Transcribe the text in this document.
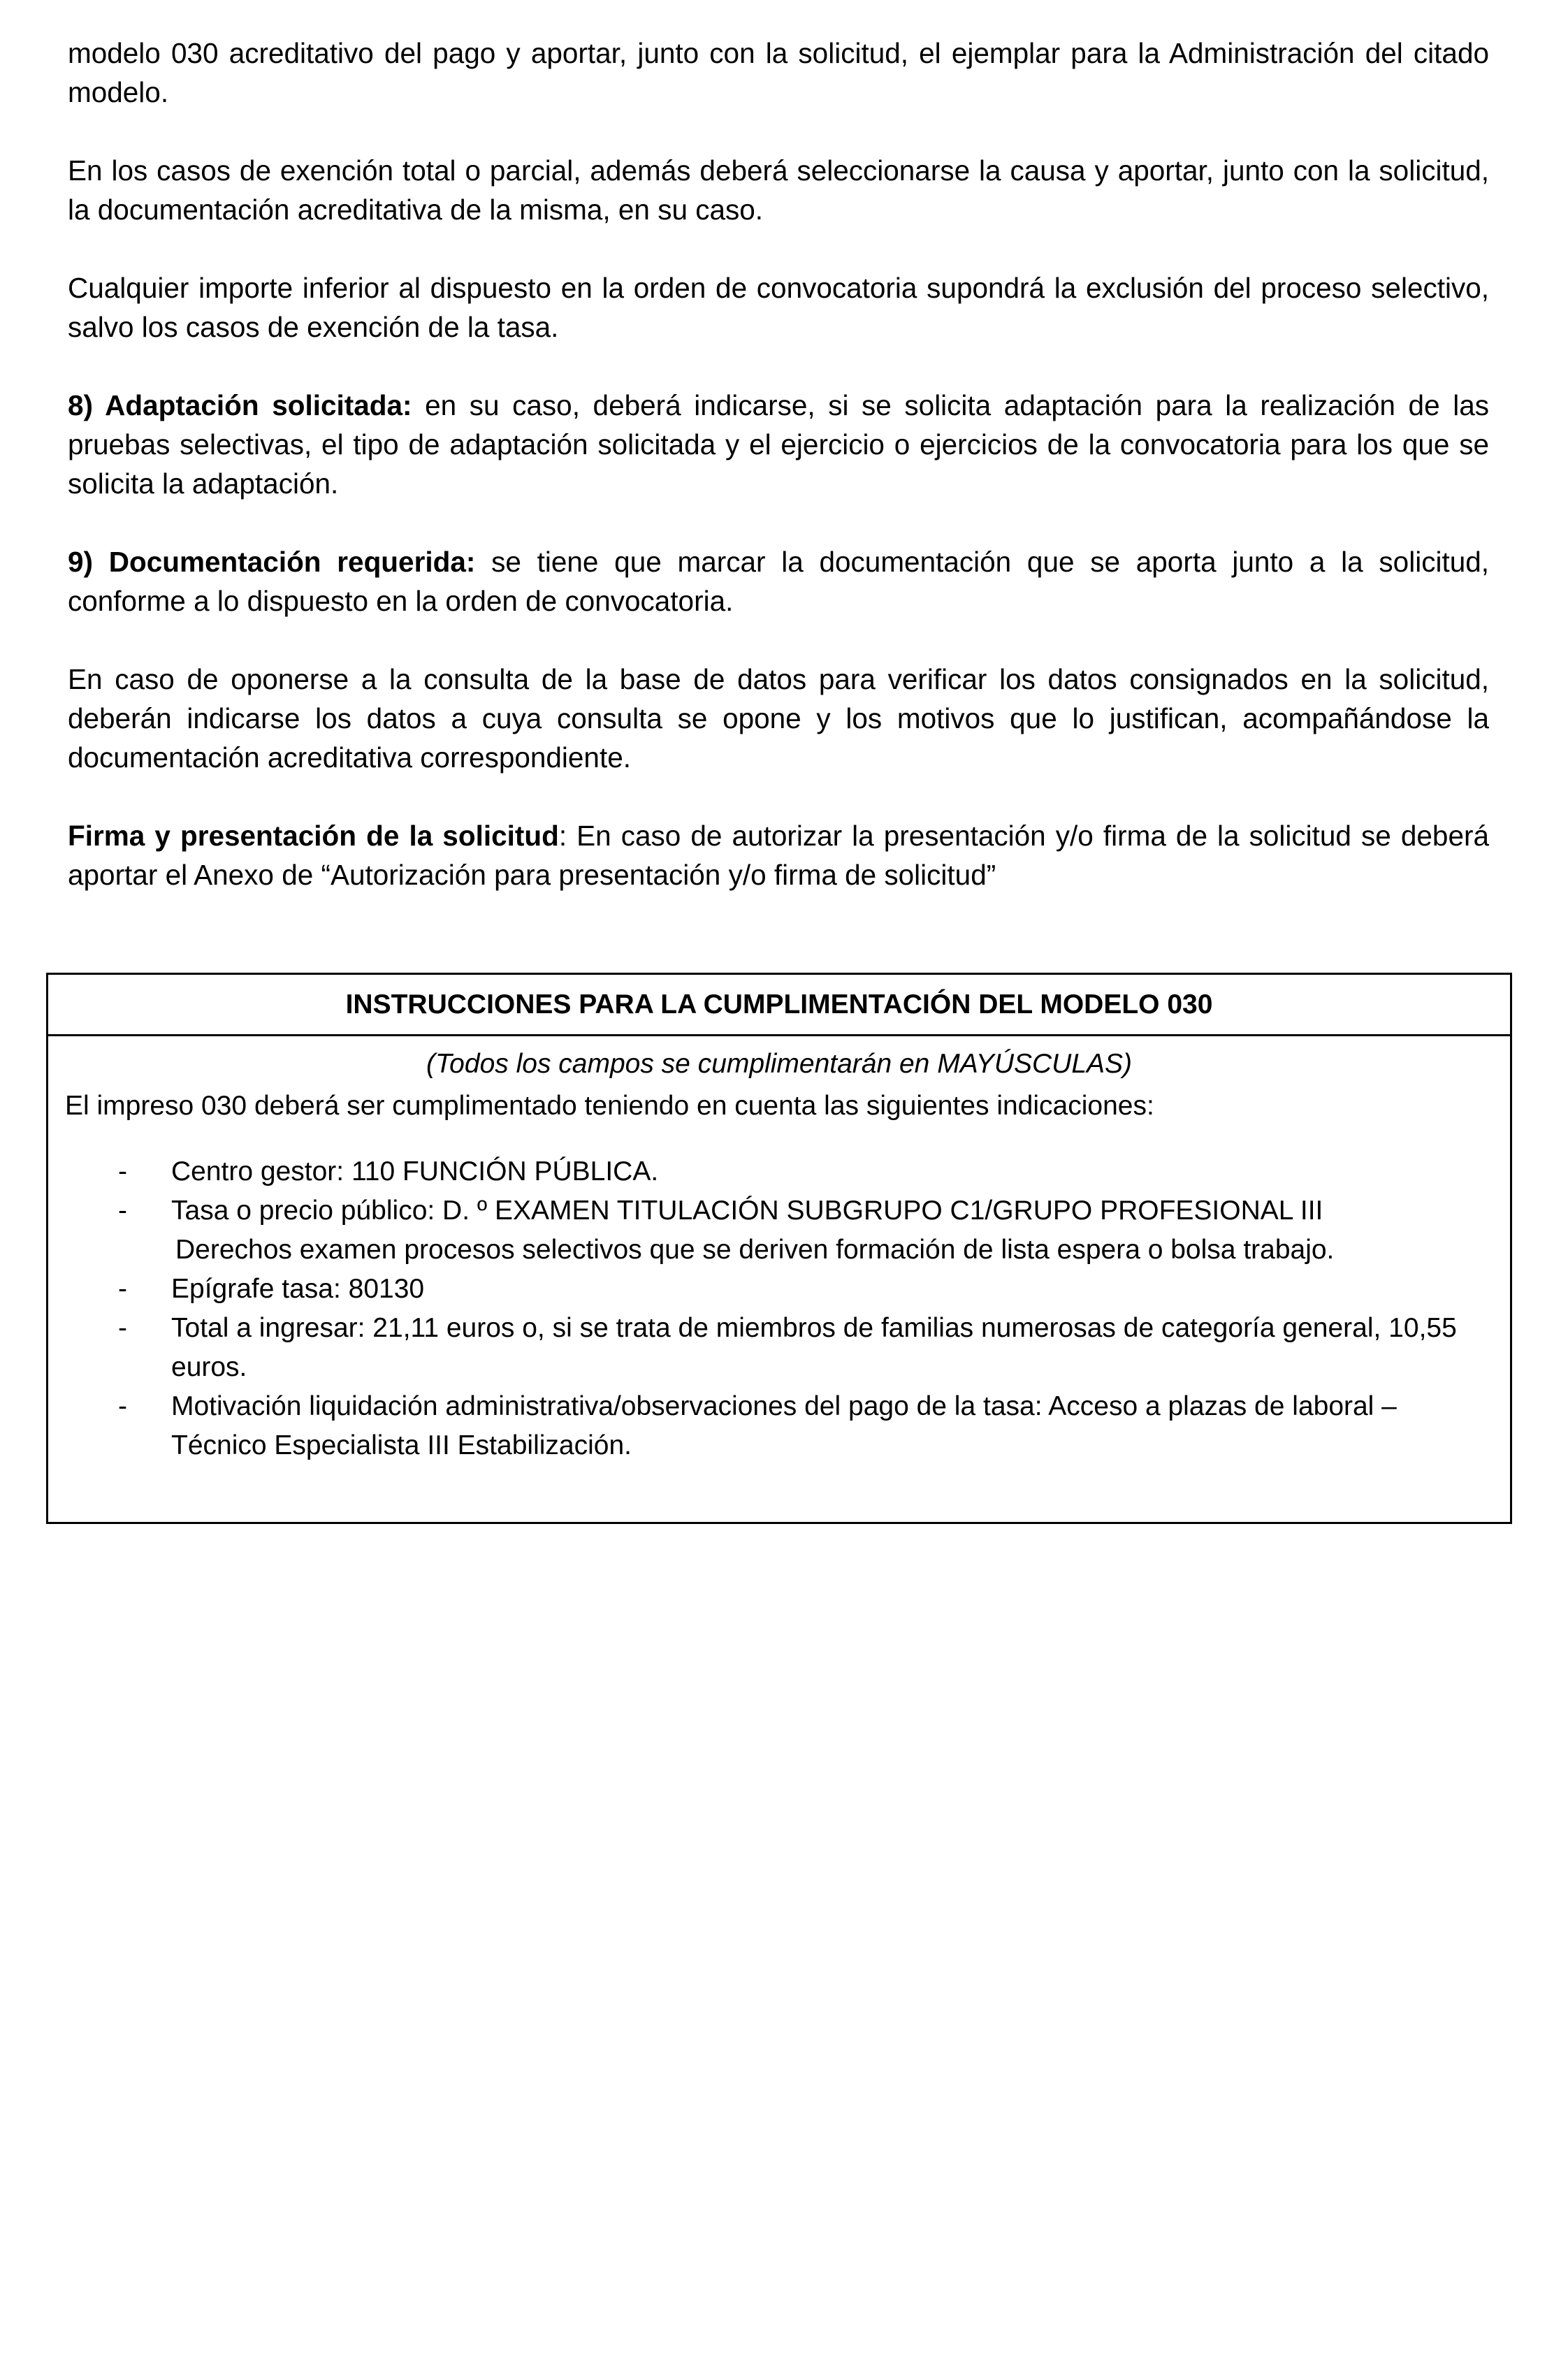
modelo 030 acreditativo del pago y aportar, junto con la solicitud, el ejemplar para la Administración del citado modelo.

En los casos de exención total o parcial, además deberá seleccionarse la causa y aportar, junto con la solicitud, la documentación acreditativa de la misma, en su caso.

Cualquier importe inferior al dispuesto en la orden de convocatoria supondrá la exclusión del proceso selectivo, salvo los casos de exención de la tasa.

8) Adaptación solicitada: en su caso, deberá indicarse, si se solicita adaptación para la realización de las pruebas selectivas, el tipo de adaptación solicitada y el ejercicio o ejercicios de la convocatoria para los que se solicita la adaptación.

9) Documentación requerida: se tiene que marcar la documentación que se aporta junto a la solicitud, conforme a lo dispuesto en la orden de convocatoria.

En caso de oponerse a la consulta de la base de datos para verificar los datos consignados en la solicitud, deberán indicarse los datos a cuya consulta se opone y los motivos que lo justifican, acompañándose la documentación acreditativa correspondiente.

Firma y presentación de la solicitud: En caso de autorizar la presentación y/o firma de la solicitud se deberá aportar el Anexo de “Autorización para presentación y/o firma de solicitud”

INSTRUCCIONES PARA LA CUMPLIMENTACIÓN DEL MODELO 030
(Todos los campos se cumplimentarán en MAYÚSCULAS)
El impreso 030 deberá ser cumplimentado teniendo en cuenta las siguientes indicaciones:
- Centro gestor: 110 FUNCIÓN PÚBLICA.
- Tasa o precio público: D. º EXAMEN TITULACIÓN SUBGRUPO C1/GRUPO PROFESIONAL III
Derechos examen procesos selectivos que se deriven formación de lista espera o bolsa trabajo.
- Epígrafe tasa: 80130
- Total a ingresar: 21,11 euros o, si se trata de miembros de familias numerosas de categoría general, 10,55 euros.
- Motivación liquidación administrativa/observaciones del pago de la tasa: Acceso a plazas de laboral – Técnico Especialista III Estabilización.
